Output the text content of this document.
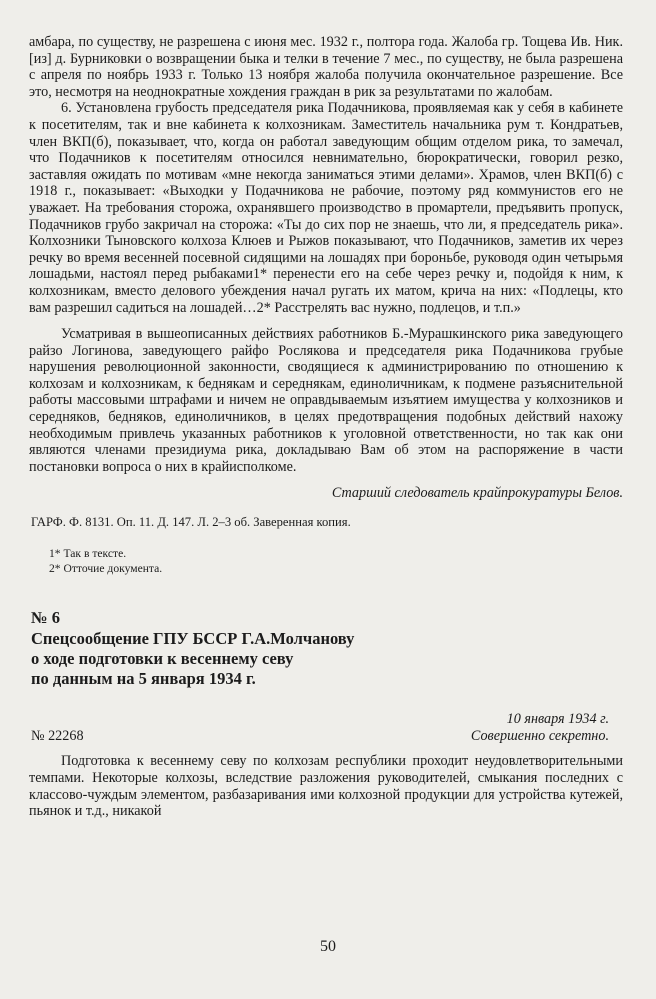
амбара, по существу, не разрешена с июня мес. 1932 г., полтора года. Жалоба гр. Тощева Ив. Ник. [из] д. Бурниковки о возвращении быка и телки в течение 7 мес., по существу, не была разрешена с апреля по ноябрь 1933 г. Только 13 ноября жалоба получила окончательное разрешение. Все это, несмотря на неоднократные хождения граждан в рик за результатами по жалобам.

6. Установлена грубость председателя рика Подачникова, проявляемая как у себя в кабинете к посетителям, так и вне кабинета к колхозникам. Заместитель начальника рум т. Кондратьев, член ВКП(б), показывает, что, когда он работал заведующим общим отделом рика, то замечал, что Подачников к посетителям относился невнимательно, бюрократически, говорил резко, заставляя ожидать по мотивам «мне некогда заниматься этими делами». Храмов, член ВКП(б) с 1918 г., показывает: «Выходки у Подачникова не рабочие, поэтому ряд коммунистов его не уважает. На требования сторожа, охранявшего производство в промартели, предъявить пропуск, Подачников грубо закричал на сторожа: «Ты до сих пор не знаешь, что ли, я председатель рика». Колхозники Тыновского колхоза Клюев и Рыжов показывают, что Подачников, заметив их через речку во время весенней посевной сидящими на лошадях при бороньбе, руководя один четырьмя лошадьми, настоял перед рыбаками1* перенести его на себе через речку и, подойдя к ним, к колхозникам, вместо делового убеждения начал ругать их матом, крича на них: «Подлецы, кто вам разрешил садиться на лошадей…2* Расстрелять вас нужно, подлецов, и т.п.»

Усматривая в вышеописанных действиях работников Б.-Мурашкинского рика заведующего райзо Логинова, заведующего райфо Рослякова и председателя рика Подачникова грубые нарушения революционной законности, сводящиеся к администрированию по отношению к колхозам и колхозникам, к беднякам и середнякам, единоличникам, к подмене разъяснительной работы массовыми штрафами и ничем не оправдываемым изъятием имущества у колхозников и середняков, бедняков, единоличников, в целях предотвращения подобных действий нахожу необходимым привлечь указанных работников к уголовной ответственности, но так как они являются членами президиума рика, докладываю Вам об этом на распоряжение в части постановки вопроса о них в крайисполкоме.

Старший следователь крайпрокуратуры Белов.

ГАРФ. Ф. 8131. Оп. 11. Д. 147. Л. 2–3 об. Заверенная копия.
1* Так в тексте.
2* Отточие документа.
№ 6
Спецсообщение ГПУ БССР Г.А.Молчанову
о ходе подготовки к весеннему севу
по данным на 5 января 1934 г.
№ 22268
10 января 1934 г.
Совершенно секретно.

Подготовка к весеннему севу по колхозам республики проходит неудовлетворительными темпами. Некоторые колхозы, вследствие разложения руководителей, смыкания последних с классово-чуждым элементом, разбазаривания ими колхозной продукции для устройства кутежей, пьянок и т.д., никакой

50
